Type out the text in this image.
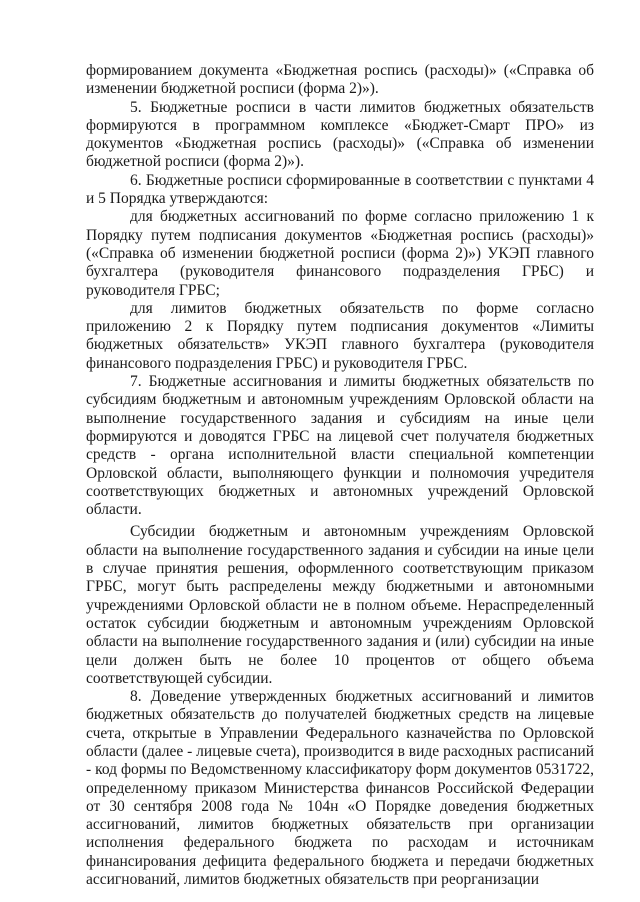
формированием документа «Бюджетная роспись (расходы)» («Справка об изменении бюджетной росписи (форма 2)»).

5. Бюджетные росписи в части лимитов бюджетных обязательств формируются в программном комплексе «Бюджет-Смарт ПРО» из документов «Бюджетная роспись (расходы)» («Справка об изменении бюджетной росписи (форма 2)»).

6. Бюджетные росписи сформированные в соответствии с пунктами 4 и 5 Порядка утверждаются:

для бюджетных ассигнований по форме согласно приложению 1 к Порядку путем подписания документов «Бюджетная роспись (расходы)» («Справка об изменении бюджетной росписи (форма 2)») УКЭП главного бухгалтера (руководителя финансового подразделения ГРБС) и руководителя ГРБС;

для лимитов бюджетных обязательств по форме согласно приложению 2 к Порядку путем подписания документов «Лимиты бюджетных обязательств» УКЭП главного бухгалтера (руководителя финансового подразделения ГРБС) и руководителя ГРБС.

7. Бюджетные ассигнования и лимиты бюджетных обязательств по субсидиям бюджетным и автономным учреждениям Орловской области на выполнение государственного задания и субсидиям на иные цели формируются и доводятся ГРБС на лицевой счет получателя бюджетных средств - органа исполнительной власти специальной компетенции Орловской области, выполняющего функции и полномочия учредителя соответствующих бюджетных и автономных учреждений Орловской области.

Субсидии бюджетным и автономным учреждениям Орловской области на выполнение государственного задания и субсидии на иные цели в случае принятия решения, оформленного соответствующим приказом ГРБС, могут быть распределены между бюджетными и автономными учреждениями Орловской области не в полном объеме. Нераспределенный остаток субсидии бюджетным и автономным учреждениям Орловской области на выполнение государственного задания и (или) субсидии на иные цели должен быть не более 10 процентов от общего объема соответствующей субсидии.

8. Доведение утвержденных бюджетных ассигнований и лимитов бюджетных обязательств до получателей бюджетных средств на лицевые счета, открытые в Управлении Федерального казначейства по Орловской области (далее - лицевые счета), производится в виде расходных расписаний - код формы по Ведомственному классификатору форм документов 0531722, определенному приказом Министерства финансов Российской Федерации от 30 сентября 2008 года № 104н «О Порядке доведения бюджетных ассигнований, лимитов бюджетных обязательств при организации исполнения федерального бюджета по расходам и источникам финансирования дефицита федерального бюджета и передачи бюджетных ассигнований, лимитов бюджетных обязательств при реорганизации
